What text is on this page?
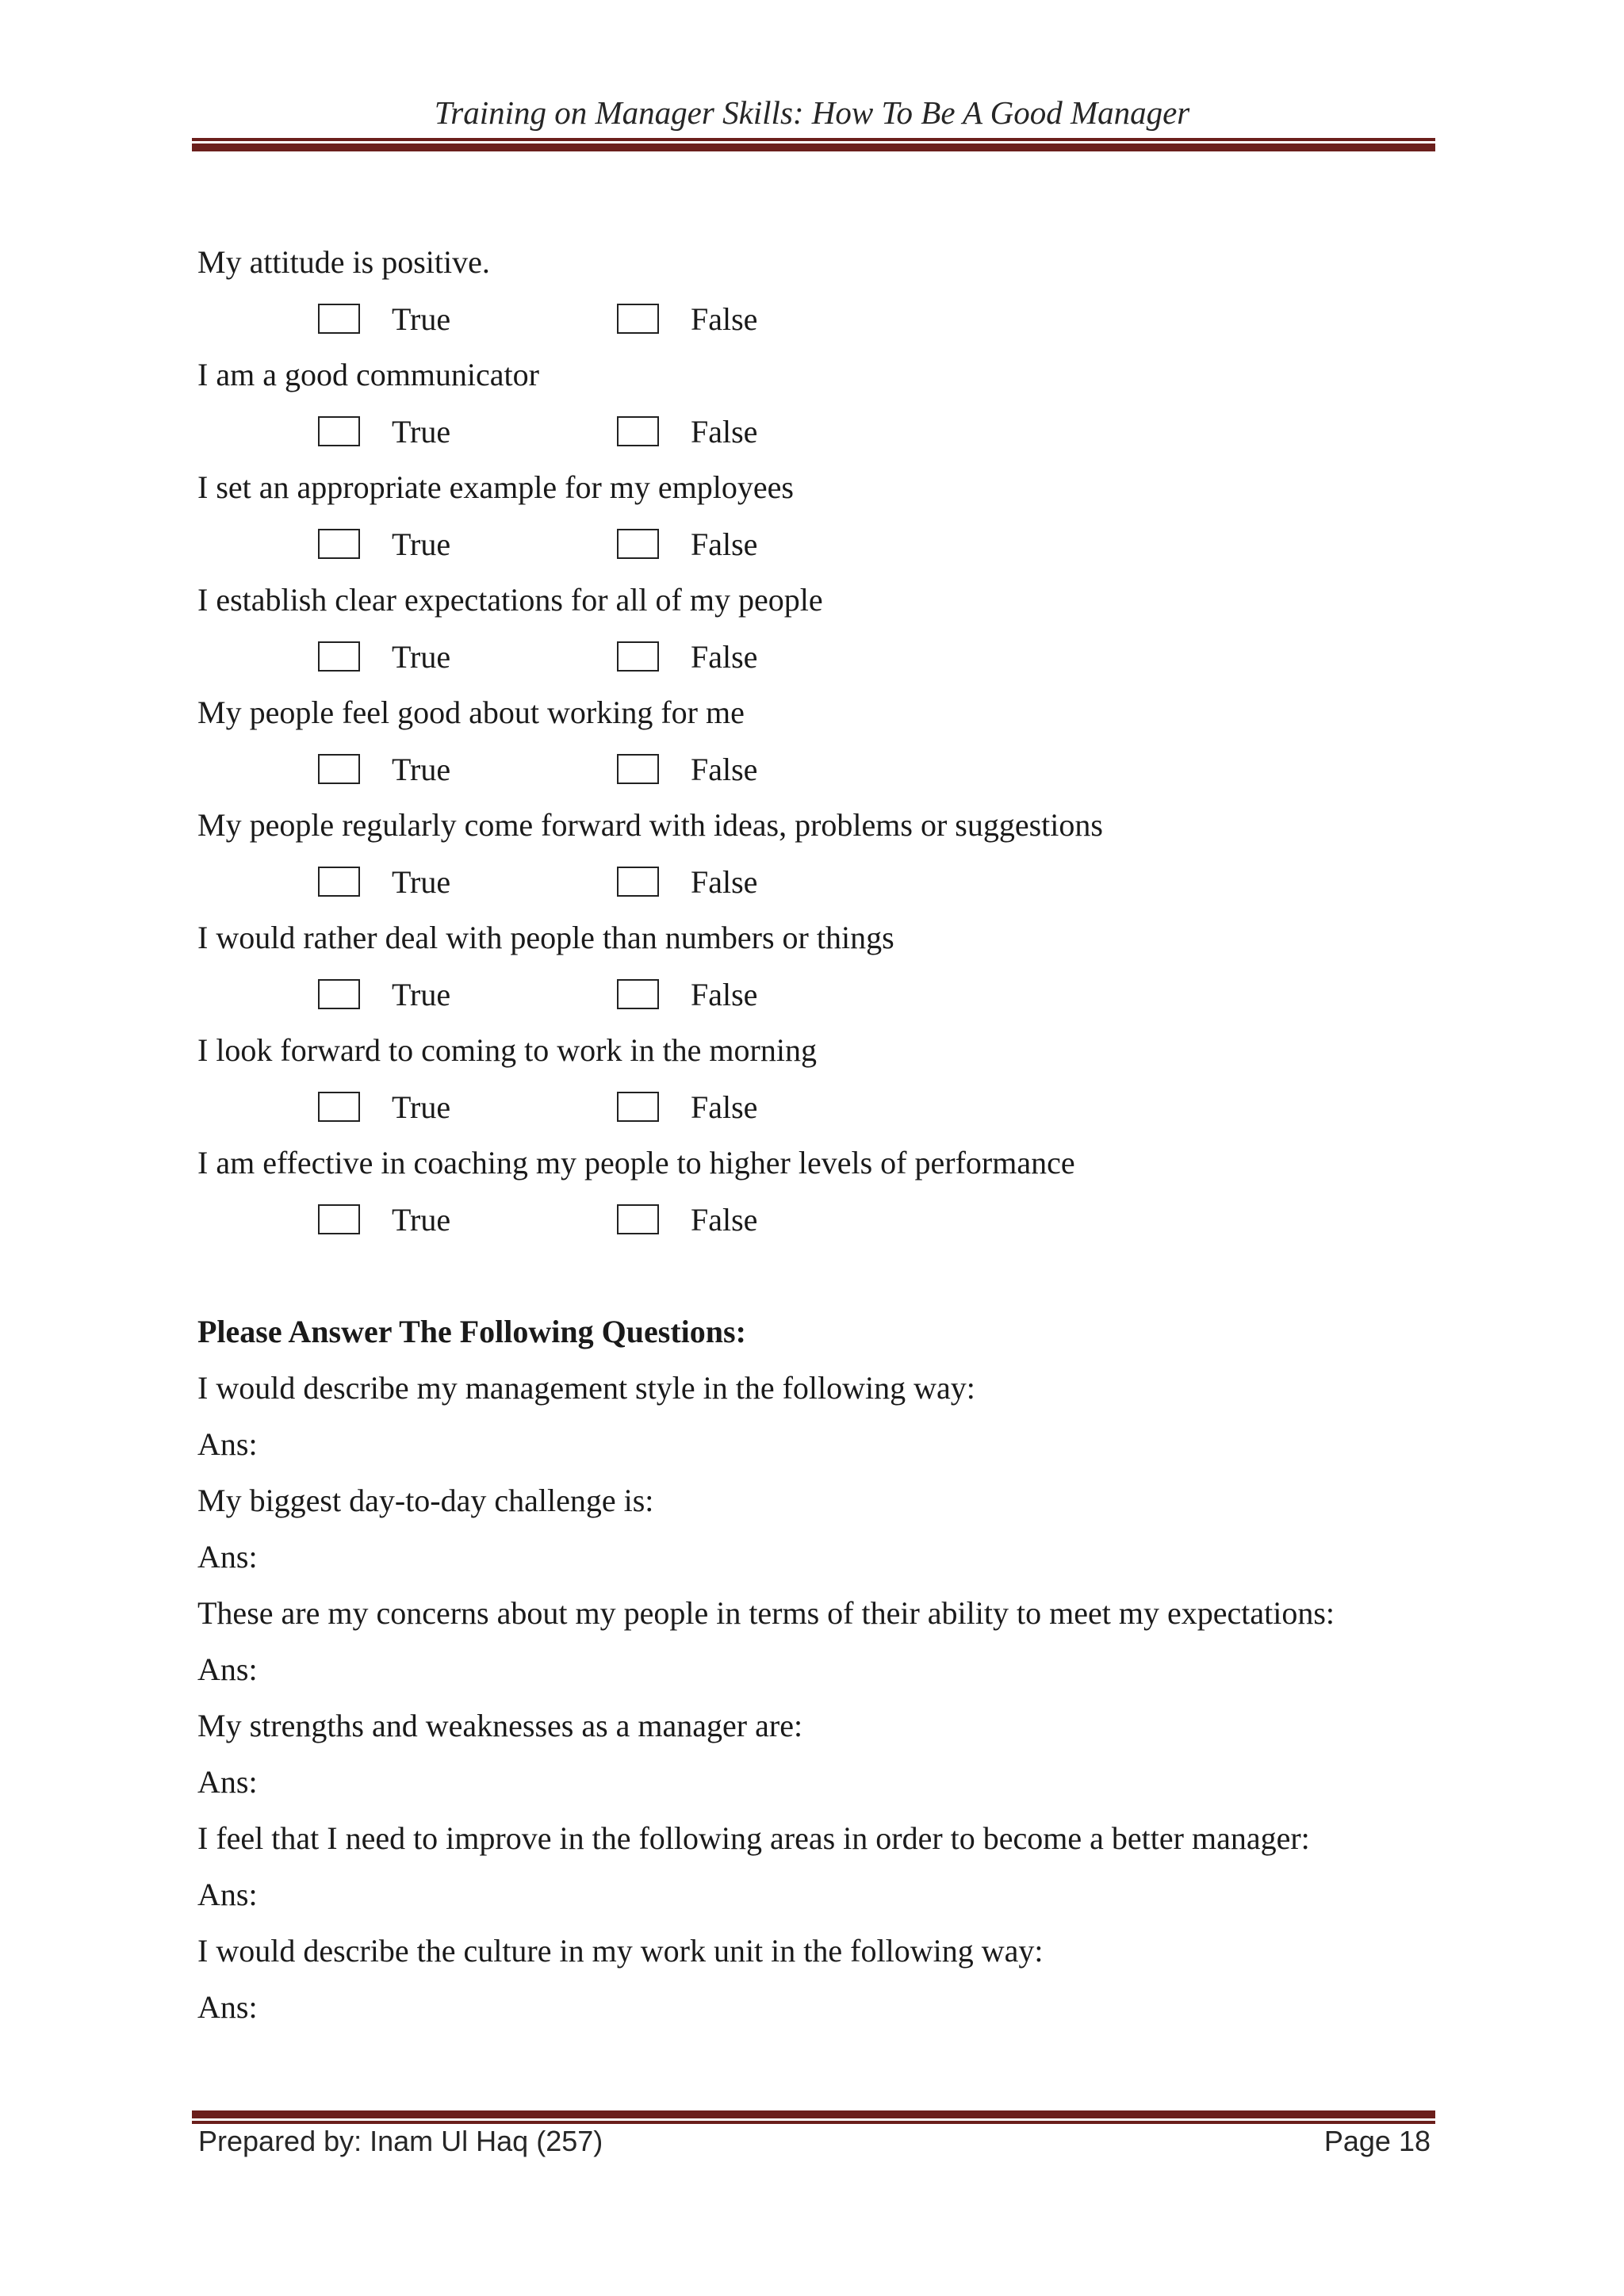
Training on Manager Skills: How To Be A Good Manager
My attitude is positive.
True	False
I am a good communicator
True	False
I set an appropriate example for my employees
True	False
I establish clear expectations for all of my people
True	False
My people feel good about working for me
True	False
My people regularly come forward with ideas, problems or suggestions
True	False
I would rather deal with people than numbers or things
True	False
I look forward to coming to work in the morning
True	False
I am effective in coaching my people to higher levels of performance
True	False
Please Answer The Following Questions:
I would describe my management style in the following way:
Ans:
My biggest day-to-day challenge is:
Ans:
These are my concerns about my people in terms of their ability to meet my expectations:
Ans:
My strengths and weaknesses as a manager are:
Ans:
I feel that I need to improve in the following areas in order to become a better manager:
Ans:
I would describe the culture in my work unit in the following way:
Ans:
Prepared by: Inam Ul Haq (257)	Page 18
